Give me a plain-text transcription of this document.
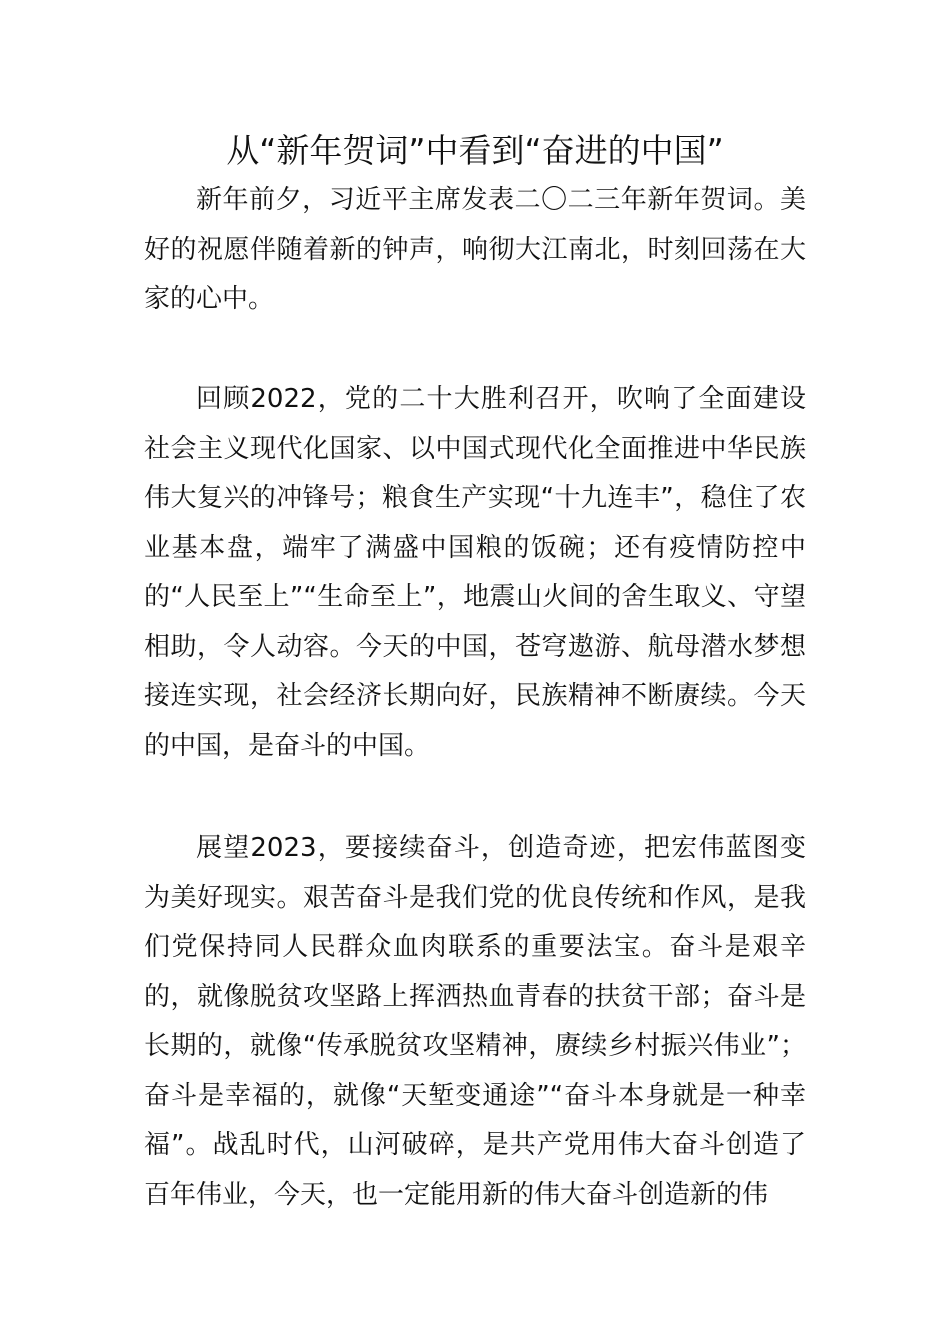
从“新年贺词”中看到“奋进的中国”

新年前夕，习近平主席发表二〇二三年新年贺词。美好的祝愿伴随着新的钟声，响彻大江南北，时刻回荡在大家的心中。

回顾2022，党的二十大胜利召开，吹响了全面建设社会主义现代化国家、以中国式现代化全面推进中华民族伟大复兴的冲锋号；粮食生产实现“十九连丰”，稳住了农业基本盘，端牢了满盛中国粮的饭碗；还有疫情防控中的“人民至上”“生命至上”，地震山火间的舍生取义、守望相助，令人动容。今天的中国，苍穹遨游、航母潜水梦想接连实现，社会经济长期向好，民族精神不断赓续。今天的中国，是奋斗的中国。

展望2023，要接续奋斗，创造奇迹，把宏伟蓝图变为美好现实。艰苦奋斗是我们党的优良传统和作风，是我们党保持同人民群众血肉联系的重要法宝。奋斗是艰辛的，就像脱贫攻坚路上挥洒热血青春的扶贫干部；奋斗是长期的，就像“传承脱贫攻坚精神，赓续乡村振兴伟业”；奋斗是幸福的，就像“天堑变通途”“奋斗本身就是一种幸福”。战乱时代，山河破碎，是共产党用伟大奋斗创造了百年伟业，今天，也一定能用新的伟大奋斗创造新的伟
